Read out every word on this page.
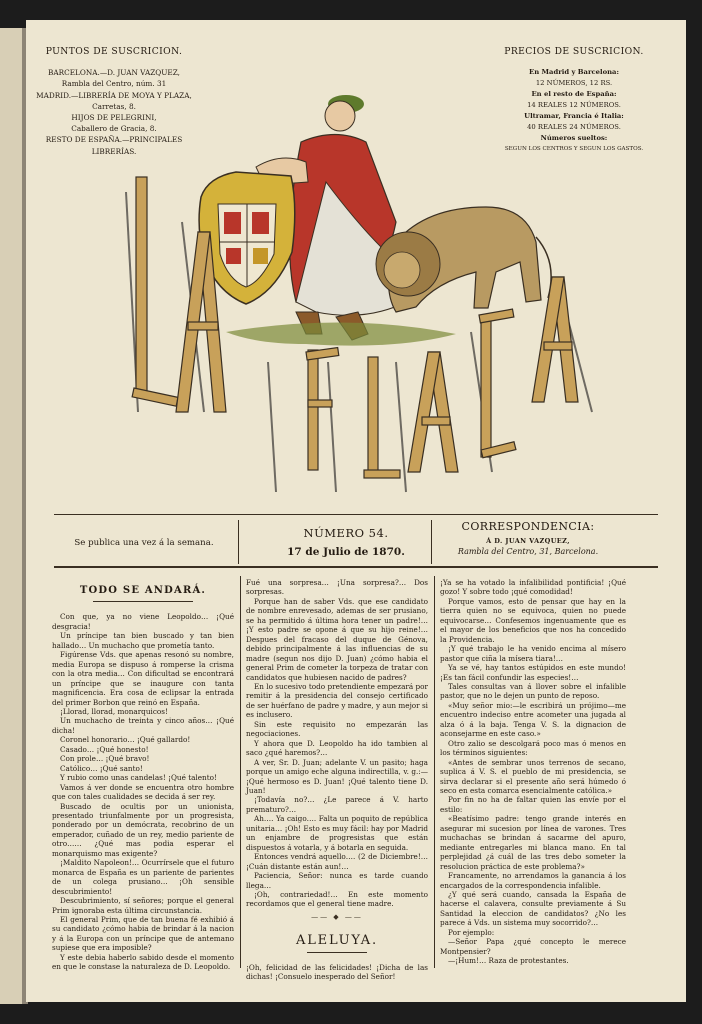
PUNTOS DE SUSCRICION.
BARCELONA.—D. JUAN VAZQUEZ,
Rambla del Centro, núm. 31
MADRID.—LIBRERÍA DE MOYA Y PLAZA,
Carretas, 8.
HIJOS DE PELEGRINI,
Caballero de Gracia, 8.
RESTO DE ESPAÑA.—PRINCIPALES
LIBRERÍAS.
PRECIOS DE SUSCRICION.
En Madrid y Barcelona:
12 NÚMEROS, 12 RS.
En el resto de España:
14 REALES 12 NÚMEROS.
Ultramar, Francia é Italia:
40 REALES 24 NÚMEROS.
Números sueltos:
SEGUN LOS CENTROS Y SEGUN LOS GASTOS.
LA FLACA
Se publica una vez á la semana.
NÚMERO 54.
17 de Julio de 1870.
CORRESPONDENCIA:
Á D. JUAN VAZQUEZ,
Rambla del Centro, 31, Barcelona.
TODO SE ANDARÁ.

Con que, ya no viene Leopoldo… ¡Qué desgracia!

Un príncipe tan bien buscado y tan bien hallado… Un muchacho que prometía tanto.

Figúrense Vds. que apenas resonó su nombre, media Europa se dispuso á romperse la crisma con la otra media… Con dificultad se encontrará un príncipe que se inaugure con tanta magnificencia. Era cosa de eclipsar la entrada del primer Borbon que reinó en España.

¡Llorad, llorad, monarquicos!

Un muchacho de treinta y cinco años… ¡Qué dicha!

Coronel honorario… ¡Qué gallardo!

Casado… ¡Qué honesto!

Con prole… ¡Qué bravo!

Católico… ¡Qué santo!

Y rubio como unas candelas! ¡Qué talento!

Vamos á ver donde se encuentra otro hombre que con tales cualidades se decida á ser rey.

Buscado de ocultis por un unionista, presentado triunfalmente por un progresista, ponderado por un demócrata, recobrino de un emperador, cuñado de un rey, medio pariente de otro…… ¿Qué mas podia esperar el monarquismo mas exigente?

¡Maldito Napoleon!… Ocurrírsele que el futuro monarca de España es un pariente de parientes de un colega prusiano… ¡Oh sensible descubrimiento!

Descubrimiento, sí señores; porque el general Prim ignoraba esta última circunstancia.

El general Prim, que de tan buena fé exhibió á su candidato ¿cómo habia de brindar á la nacion y á la Europa con un príncipe que de antemano supiese que era imposible?

Y este debia haberlo sabido desde el momento en que le constase la naturaleza de D. Leopoldo.

Fué una sorpresa… ¡Una sorpresa?… Dos sorpresas.

Porque han de saber Vds. que ese candidato de nombre enrevesado, ademas de ser prusiano, se ha permitido á última hora tener un padre!… ¡Y esto padre se opone á que su hijo reine!… Despues del fracaso del duque de Génova, debido principalmente á las influencias de su madre (segun nos dijo D. Juan) ¿cómo habia el general Prim de cometer la torpeza de tratar con candidatos que hubiesen nacido de padres?

En lo sucesivo todo pretendiente empezará por remitir á la presidencia del consejo certificado de ser huérfano de padre y madre, y aun mejor si es inclusero.

Sin este requisito no empezarán las negociaciones.

Y ahora que D. Leopoldo ha ido tambien al saco ¿qué haremos?…

A ver, Sr. D. Juan; adelante V. un pasito; haga porque un amigo eche alguna indirectilla, v. g.:—¡Qué hermoso es D. Juan! ¡Qué talento tiene D. Juan!

¡Todavía no?… ¿Le parece á V. harto prematuro?…

Ah…. Ya caigo…. Falta un poquito de república unitaria… ¡Oh! Esto es muy fácil: hay por Madrid un enjambre de progresistas que están dispuestos á votarla, y á botarla en seguida.

Entonces vendrá aquello…. (2 de Diciembre!… ¡Cuán distante están aun!…

Paciencia, Señor: nunca es tarde cuando llega…

¡Oh, contrariedad!… En este momento recordamos que el general tiene madre.

—— ◆ ——
ALELUYA.

¡Oh, felicidad de las felicidades! ¡Dicha de las dichas! ¡Consuelo inesperado del Señor!

¡Ya se ha votado la infalibilidad pontificia! ¡Qué gozo! Y sobre todo ¡qué comodidad!

Porque vamos, esto de pensar que hay en la tierra quien no se equivoca, quien no puede equivocarse… Confesemos ingenuamente que es el mayor de los beneficios que nos ha concedido la Providencia.

¡Y qué trabajo le ha venido encima al mísero pastor que ciña la mísera tiara!…

Ya se vé, hay tantos estúpidos en este mundo! ¡Es tan fácil confundir las especies!…

Tales consultas van á llover sobre el infalible pastor, que no le dejen un punto de reposo.

«Muy señor mio:—le escribirá un prójimo—me encuentro indeciso entre acometer una jugada al alza ó á la baja. Tenga V. S. la dignacion de aconsejarme en este caso.»

Otro zalio se descolgará poco mas ó menos en los términos siguientes:

«Antes de sembrar unos terrenos de secano, suplica á V. S. el pueblo de mi presidencia, se sirva declarar si el presente año será húmedo ó seco en esta comarca esencialmente católica.»

Por fin no ha de faltar quien las envíe por el estilo:

«Beatísimo padre: tengo grande interés en asegurar mi sucesion por línea de varones. Tres muchachas se brindan á sacarme del apuro, mediante entregarles mi blanca mano. En tal perplejidad ¿á cuál de las tres debo someter la resolucion práctica de este problema?»

Francamente, no arrendamos la ganancia á los encargados de la correspondencia infalible.

¿Y qué será cuando, cansada la España de hacerse el calavera, consulte previamente á Su Santidad la eleccion de candidatos? ¿No les parece á Vds. un sistema muy socorrido?…

Por ejemplo:

—Señor Papa ¿qué concepto le merece Montpensier?

—¡Hum!… Raza de protestantes.
